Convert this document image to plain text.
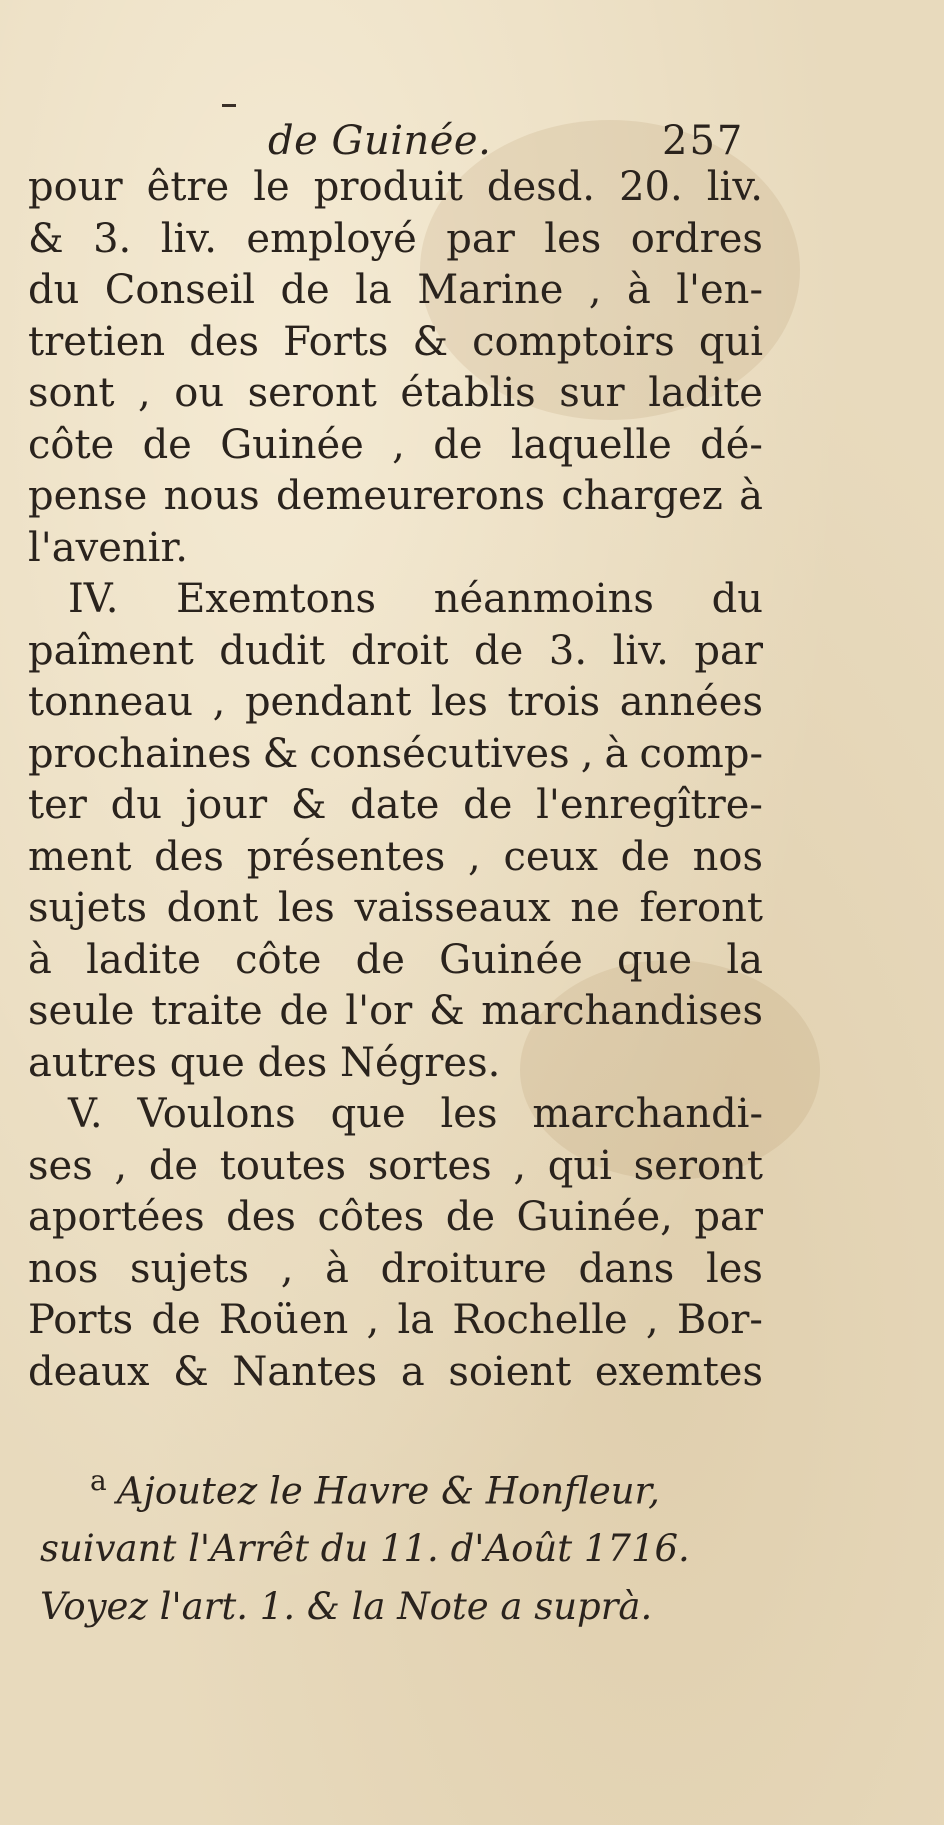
de Guinée.	257
pour être le produit desd. 20. liv.
& 3. liv. employé par les ordres
du Conseil de la Marine , à l'en-
tretien des Forts & comptoirs qui
sont , ou seront établis sur ladite
côte de Guinée , de laquelle dé-
pense nous demeurerons chargez à
l'avenir.
IV. Exemtons néanmoins du
paîment dudit droit de 3. liv. par
tonneau , pendant les trois années
prochaines & consécutives , à comp-
ter du jour & date de l'enregître-
ment des présentes , ceux de nos
sujets dont les vaisseaux ne feront
à ladite côte de Guinée que la
seule traite de l'or & marchandises
autres que des Négres.
V. Voulons que les marchandi-
ses , de toutes sortes , qui seront
aportées des côtes de Guinée, par
nos sujets , à droiture dans les
Ports de Roüen , la Rochelle , Bor-
deaux & Nantes a soient exemtes
$^a$ Ajoutez le Havre & Honfleur,
suivant l'Arrêt du 11. d'Août 1716.
Voyez l'art. 1. & la Note a suprà.
